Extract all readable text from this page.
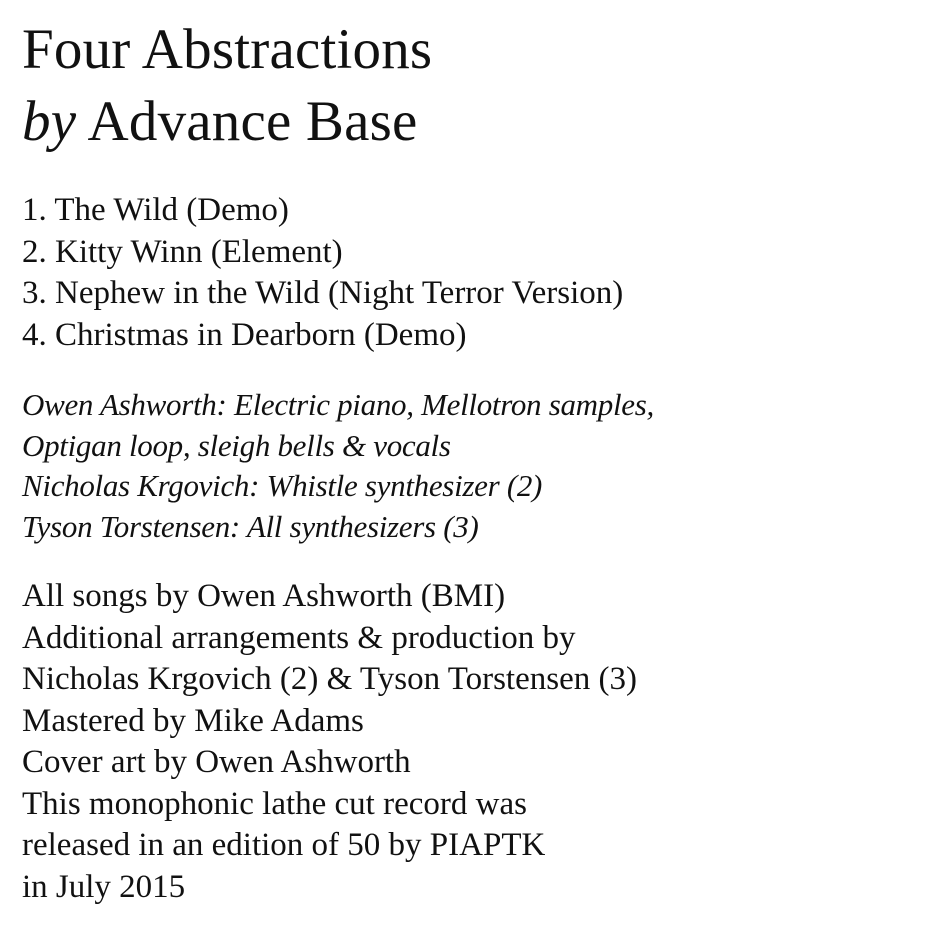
Four Abstractions
by Advance Base
1. The Wild (Demo)
2. Kitty Winn (Element)
3. Nephew in the Wild (Night Terror Version)
4. Christmas in Dearborn (Demo)
Owen Ashworth: Electric piano, Mellotron samples,
Optigan loop, sleigh bells & vocals
Nicholas Krgovich: Whistle synthesizer (2)
Tyson Torstensen: All synthesizers (3)
All songs by Owen Ashworth (BMI)
Additional arrangements & production by
Nicholas Krgovich (2) & Tyson Torstensen (3)
Mastered by Mike Adams
Cover art by Owen Ashworth
This monophonic lathe cut record was
released in an edition of 50 by PIAPTK
in July 2015
